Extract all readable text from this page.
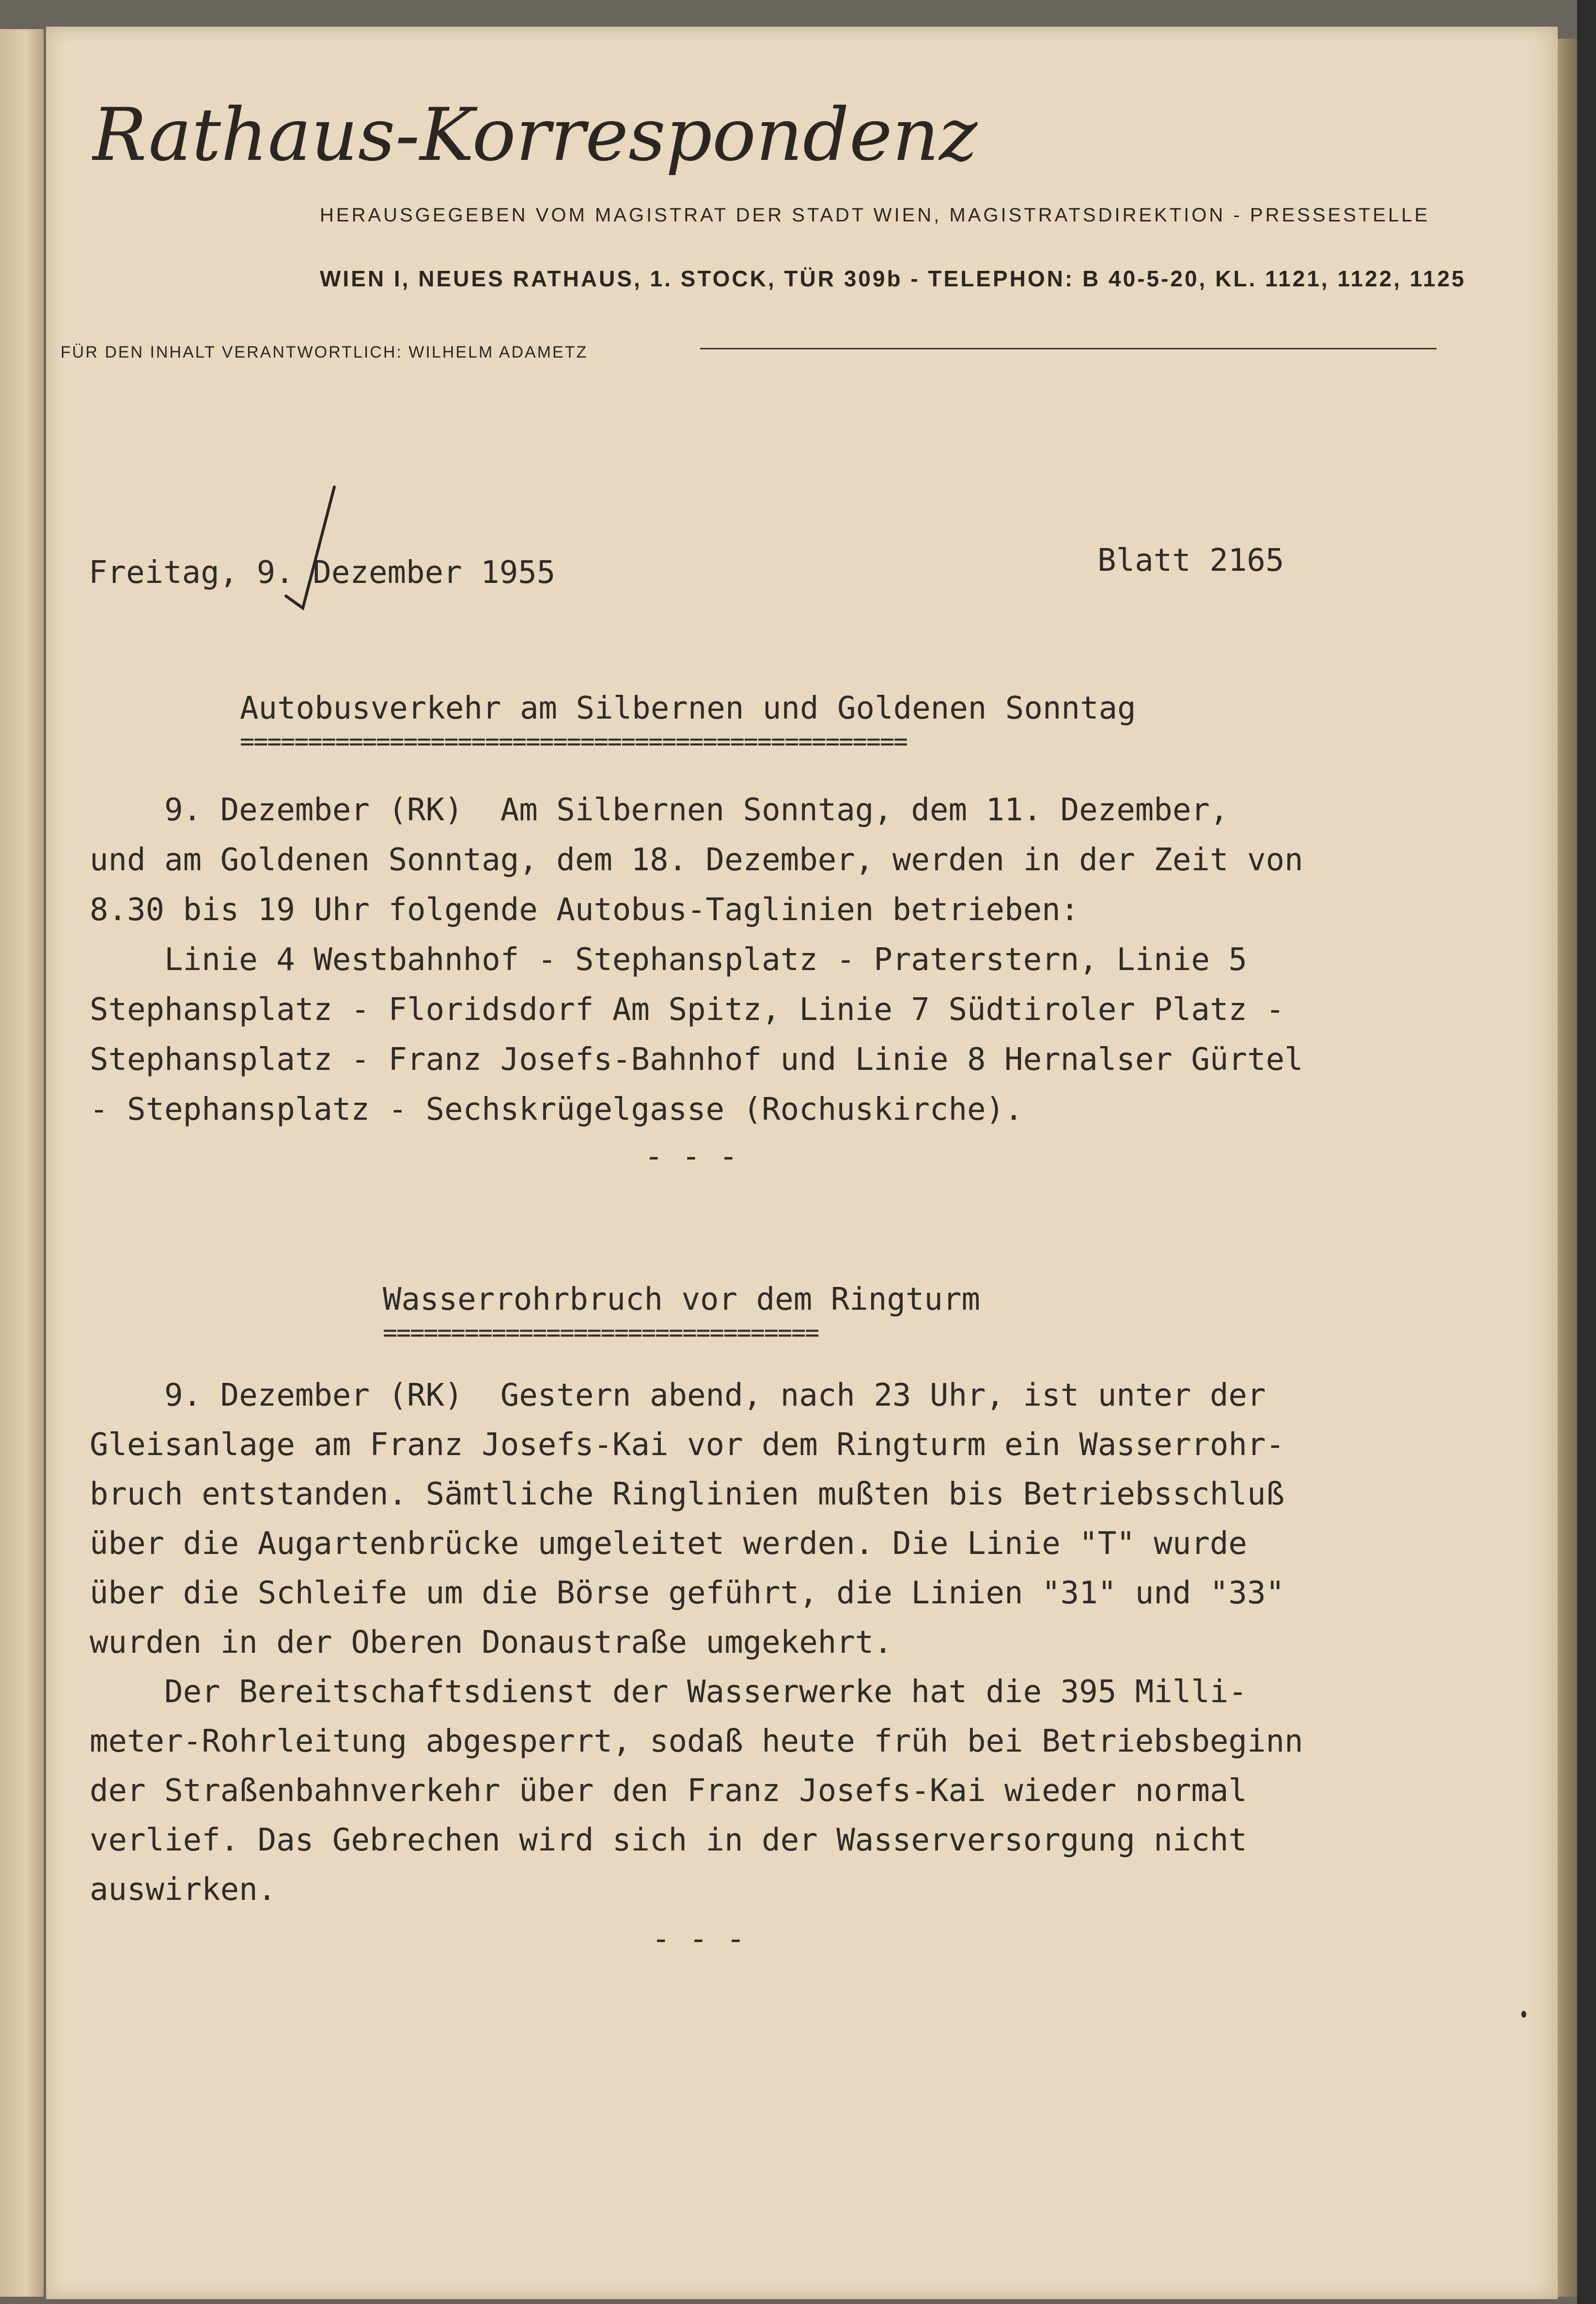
Rathaus-Korrespondenz
HERAUSGEGEBEN VOM MAGISTRAT DER STADT WIEN, MAGISTRATSDIREKTION - PRESSESTELLE
WIEN I, NEUES RATHAUS, 1. STOCK, TÜR 309b - TELEPHON: B 40-5-20, KL. 1121, 1122, 1125
FÜR DEN INHALT VERANTWORTLICH: WILHELM ADAMETZ
Freitag, 9. Dezember 1955	Blatt 2165
Autobusverkehr am Silbernen und Goldenen Sonntag
=================================================
9. Dezember (RK)  Am Silbernen Sonntag, dem 11. Dezember,
und am Goldenen Sonntag, dem 18. Dezember, werden in der Zeit von
8.30 bis 19 Uhr folgende Autobus-Taglinien betrieben:
Linie 4 Westbahnhof - Stephansplatz - Praterstern, Linie 5
Stephansplatz - Floridsdorf Am Spitz, Linie 7 Südtiroler Platz -
Stephansplatz - Franz Josefs-Bahnhof und Linie 8 Hernalser Gürtel
- Stephansplatz - Sechskrügelgasse (Rochuskirche).
- - -
Wasserrohrbruch vor dem Ringturm
================================
9. Dezember (RK)  Gestern abend, nach 23 Uhr, ist unter der
Gleisanlage am Franz Josefs-Kai vor dem Ringturm ein Wasserrohr-
bruch entstanden. Sämtliche Ringlinien mußten bis Betriebsschluß
über die Augartenbrücke umgeleitet werden. Die Linie "T" wurde
über die Schleife um die Börse geführt, die Linien "31" und "33"
wurden in der Oberen Donaustraße umgekehrt.
Der Bereitschaftsdienst der Wasserwerke hat die 395 Milli-
meter-Rohrleitung abgesperrt, sodaß heute früh bei Betriebsbeginn
der Straßenbahnverkehr über den Franz Josefs-Kai wieder normal
verlief. Das Gebrechen wird sich in der Wasserversorgung nicht
auswirken.
- - -
